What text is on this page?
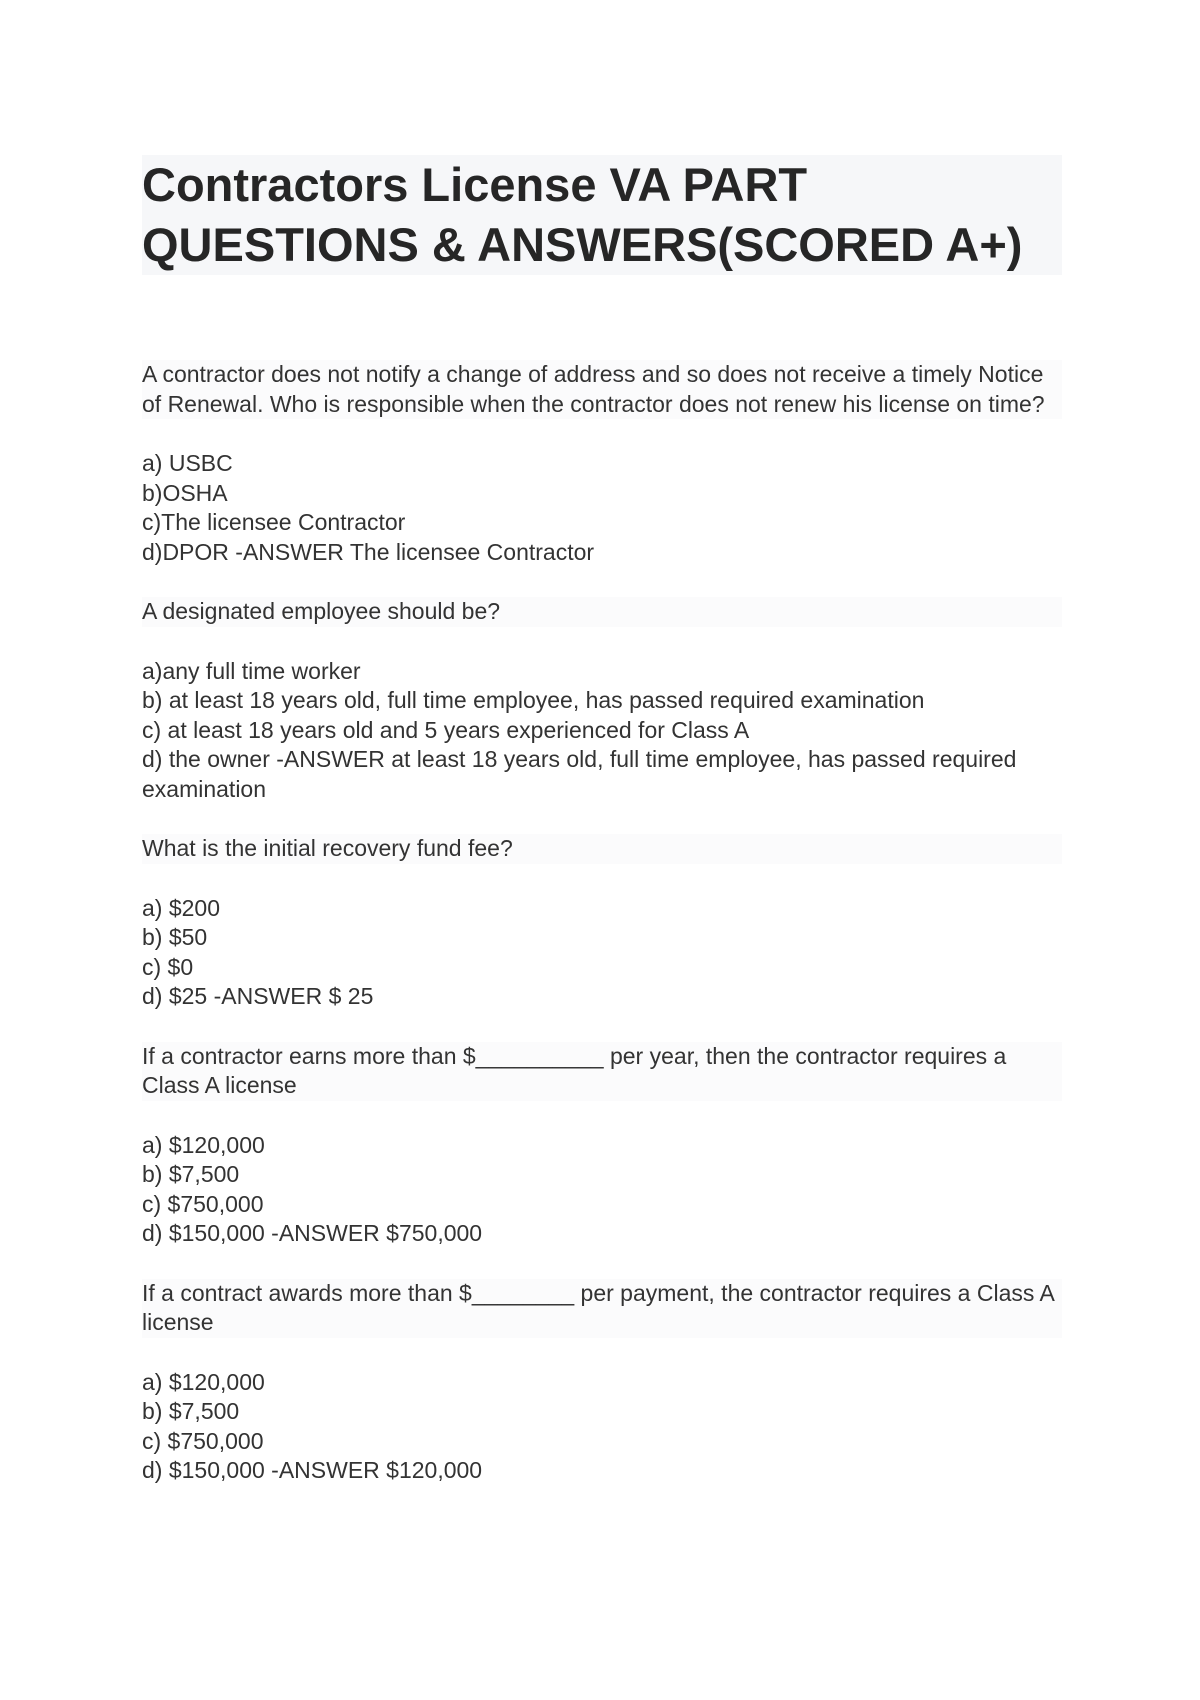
Contractors License VA PART
QUESTIONS & ANSWERS(SCORED A+)
A contractor does not notify a change of address and so does not receive a timely Notice of Renewal. Who is responsible when the contractor does not renew his license on time?
a) USBC
b)OSHA
c)The licensee Contractor
d)DPOR -ANSWER The licensee Contractor
A designated employee should be?
a)any full time worker
b) at least 18 years old, full time employee, has passed required examination
c) at least 18 years old and 5 years experienced for Class A
d) the owner -ANSWER at least 18 years old, full time employee, has passed required examination
What is the initial recovery fund fee?
a) $200
b) $50
c) $0
d) $25 -ANSWER $ 25
If a contractor earns more than $__________ per year, then the contractor requires a Class A license
a) $120,000
b) $7,500
c) $750,000
d) $150,000 -ANSWER $750,000
If a contract awards more than $________ per payment, the contractor requires a Class A license
a) $120,000
b) $7,500
c) $750,000
d) $150,000 -ANSWER $120,000
